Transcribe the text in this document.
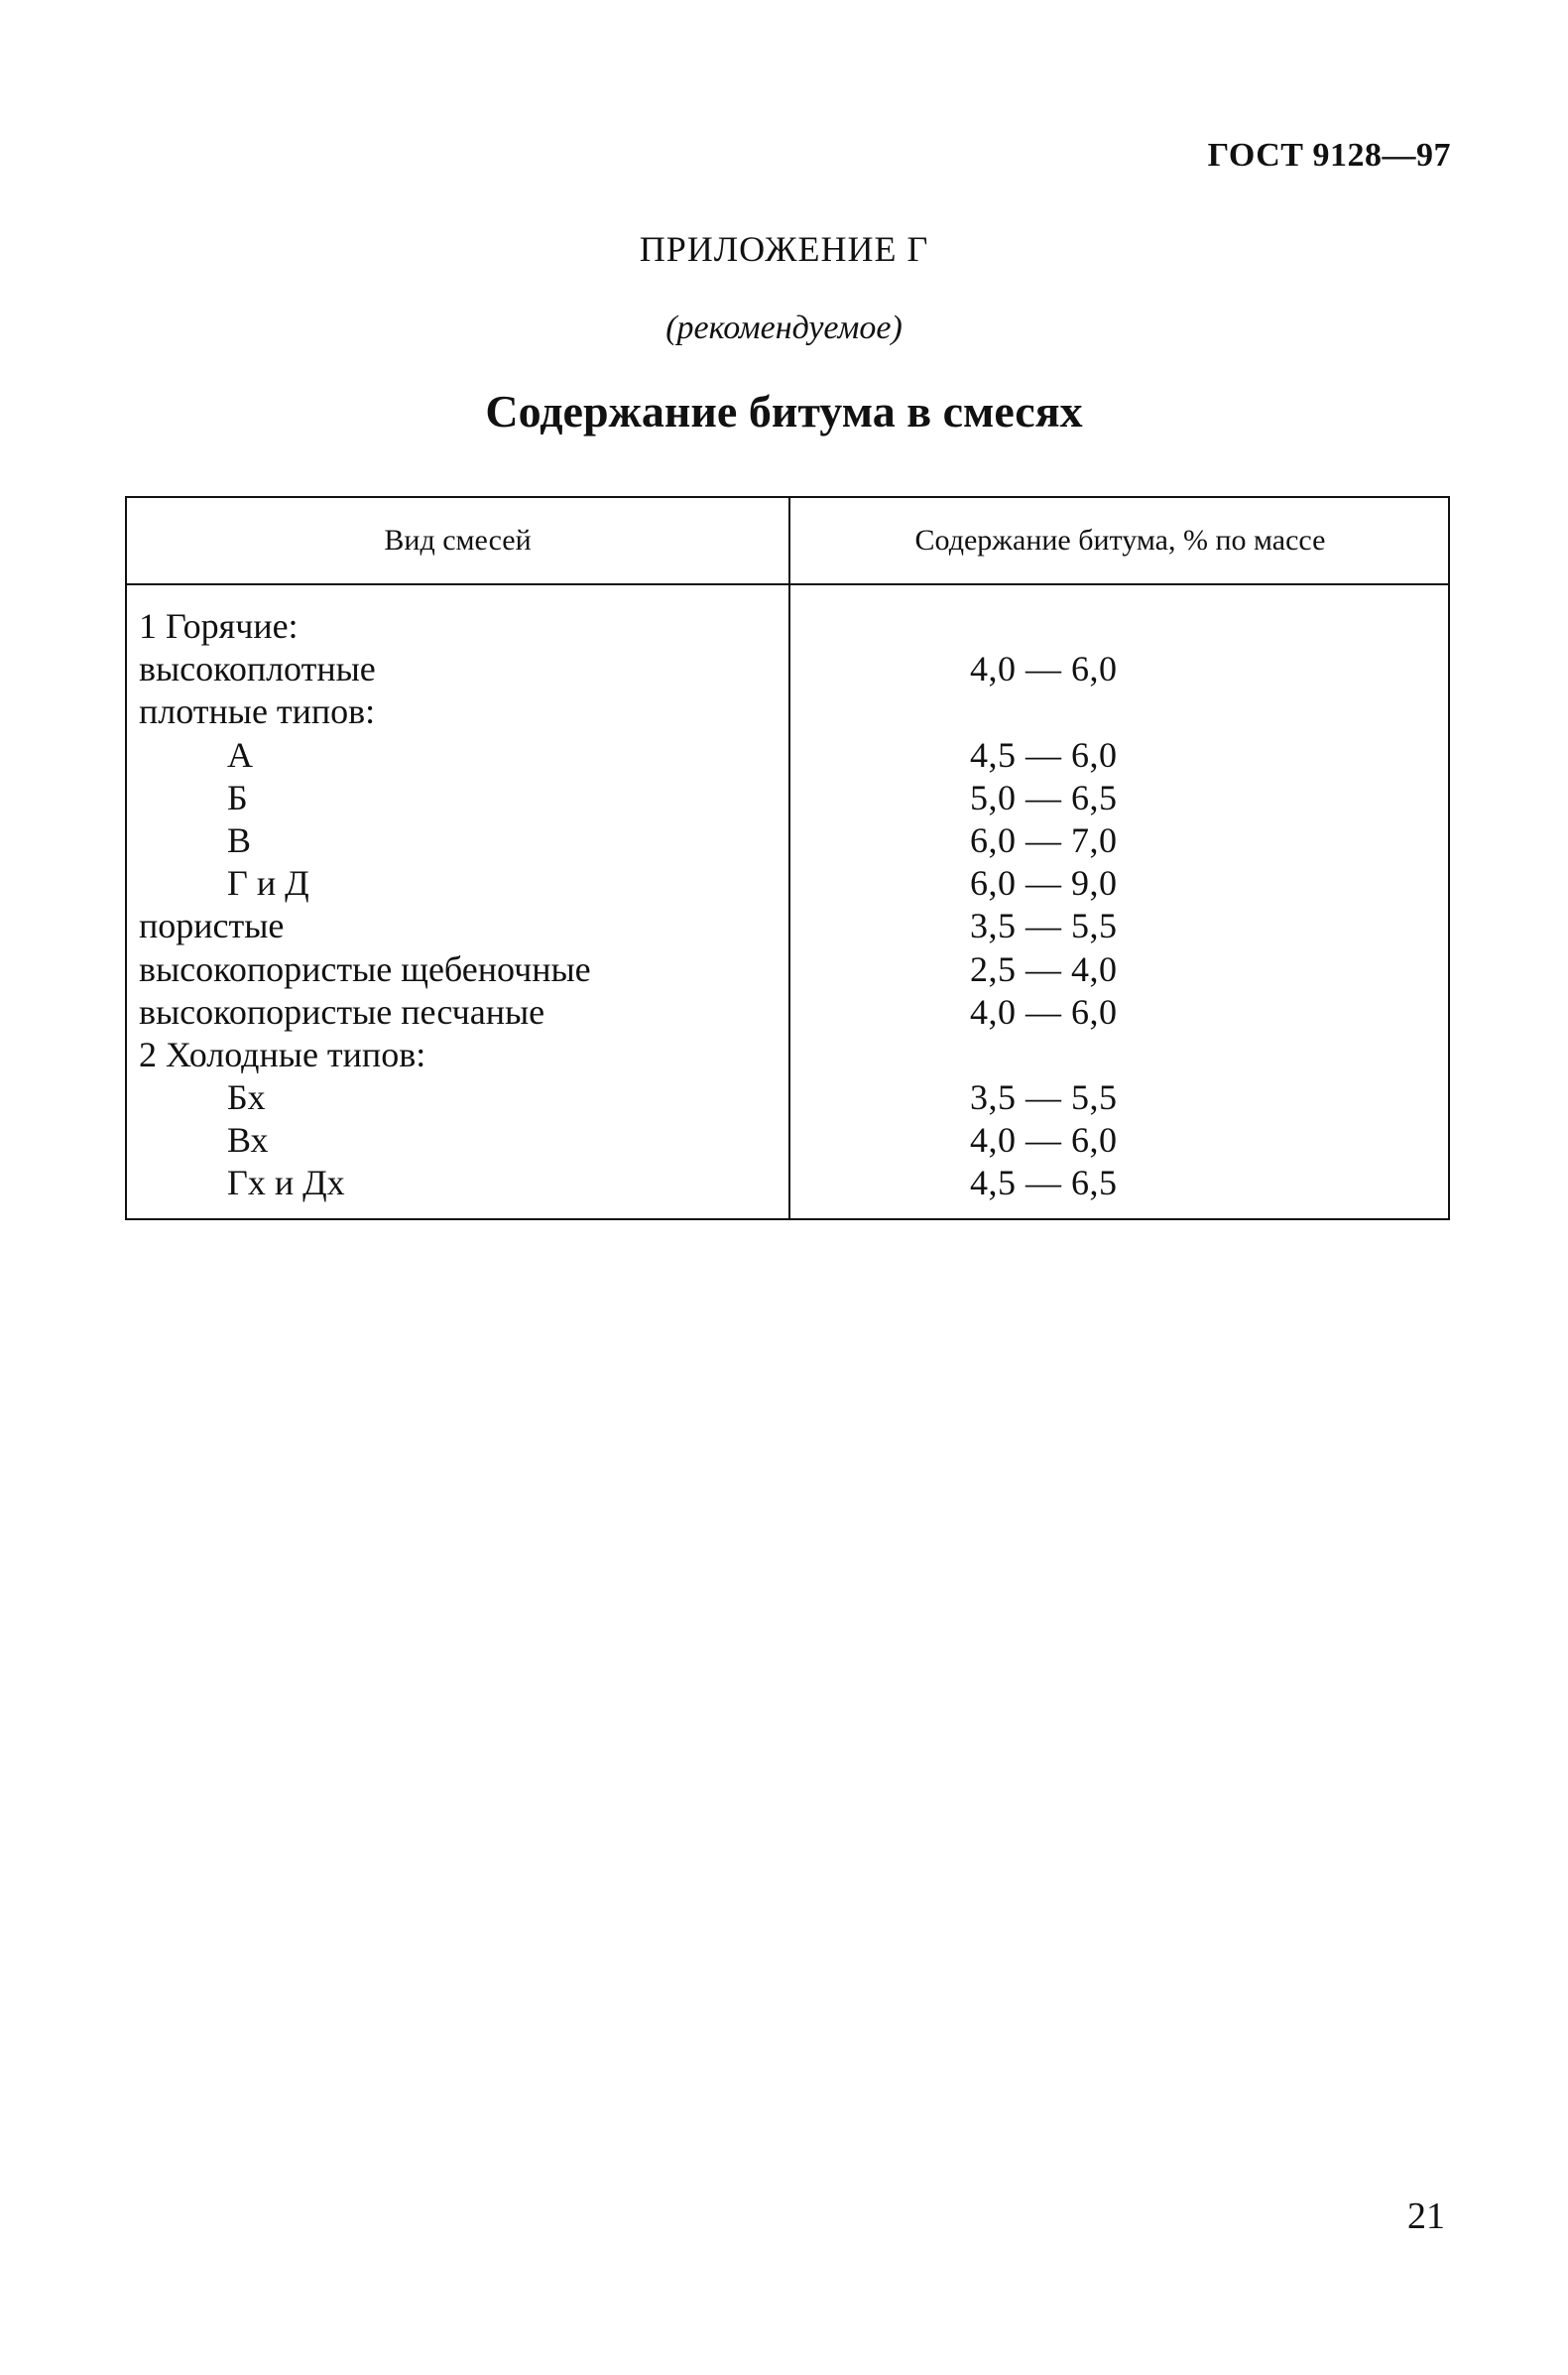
ГОСТ 9128—97
ПРИЛОЖЕНИЕ Г
(рекомендуемое)
Содержание битума в смесях
Вид смесей	Содержание битума, % по массе
1 Горячие:
высокоплотные	4,0 — 6,0
плотные типов:
А	4,5 — 6,0
Б	5,0 — 6,5
В	6,0 — 7,0
Г и Д	6,0 — 9,0
пористые	3,5 — 5,5
высокопористые щебеночные	2,5 — 4,0
высокопористые песчаные	4,0 — 6,0
2 Холодные типов:
Бх	3,5 — 5,5
Вх	4,0 — 6,0
Гх и Дх	4,5 — 6,5
21
